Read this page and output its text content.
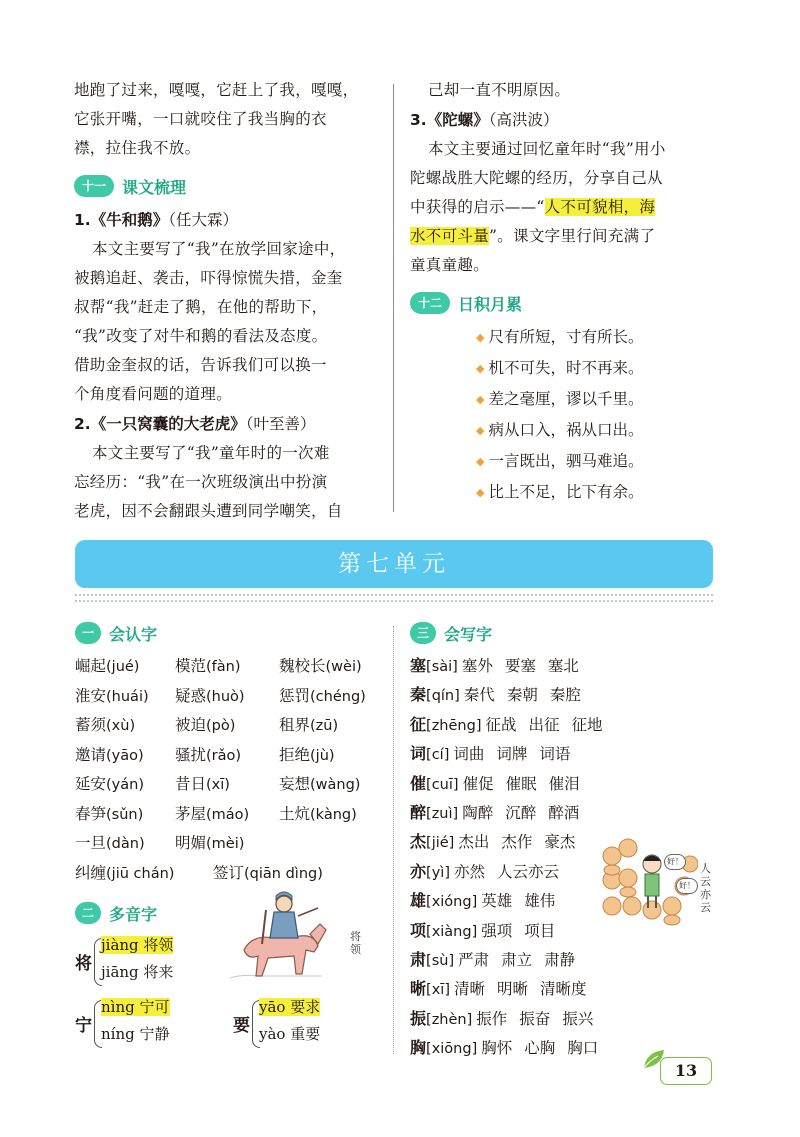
地跑了过来，嘎嘎，它赶上了我，嘎嘎，
它张开嘴，一口就咬住了我当胸的衣
襟，拉住我不放。
十一	课文梳理
1.《牛和鹅》（任大霖）
本文主要写了“我”在放学回家途中，
被鹅追赶、袭击，吓得惊慌失措，金奎
叔帮“我”赶走了鹅，在他的帮助下，
“我”改变了对牛和鹅的看法及态度。
借助金奎叔的话，告诉我们可以换一
个角度看问题的道理。
2.《一只窝囊的大老虎》（叶至善）
本文主要写了“我”童年时的一次难
忘经历：“我”在一次班级演出中扮演
老虎，因不会翻跟头遭到同学嘲笑，自
己却一直不明原因。
3.《陀螺》（高洪波）
本文主要通过回忆童年时“我”用小
陀螺战胜大陀螺的经历，分享自己从
中获得的启示——“人不可貌相，海
水不可斗量”。课文字里行间充满了
童真童趣。
十二	日积月累
◆ 尺有所短，寸有所长。
◆ 机不可失，时不再来。
◆ 差之毫厘，谬以千里。
◆ 病从口入，祸从口出。
◆ 一言既出，驷马难追。
◆ 比上不足，比下有余。
第七单元
一 会认字
崛起(jué)	模范(fàn)	魏校长(wèi)
淮安(huái)	疑惑(huò)	惩罚(chéng)
蓄须(xù)	被迫(pò)	租界(zū)
邀请(yāo)	骚扰(rǎo)	拒绝(jù)
延安(yán)	昔日(xī)	妄想(wàng)
春笋(sǔn)	茅屋(máo)	土炕(kàng)
一旦(dàn)	明媚(mèi)
纠缠(jiū chán)	签订(qiān dìng)
二 多音字
将
jiàng 将领
jiāng 将来
宁
nìng 宁可
níng 宁静	要
yāo 要求
yào 重要
将领
三 会写字
塞[sài] 塞外 要塞 塞北
秦[qín] 秦代 秦朝 秦腔
征[zhēng] 征战 出征 征地
词[cí] 词曲 词牌 词语
催[cuī] 催促 催眠 催泪
醉[zuì] 陶醉 沉醉 醉酒
杰[jié] 杰出 杰作 豪杰
亦[yì] 亦然 人云亦云
雄[xióng] 英雄 雄伟
项[xiàng] 强项 项目
肃[sù] 严肃 肃立 肃静
晰[xī] 清晰 明晰 清晰度
振[zhèn] 振作 振奋 振兴
胸[xiōng] 胸怀 心胸 胸口
好！
好！
人云亦云
13
